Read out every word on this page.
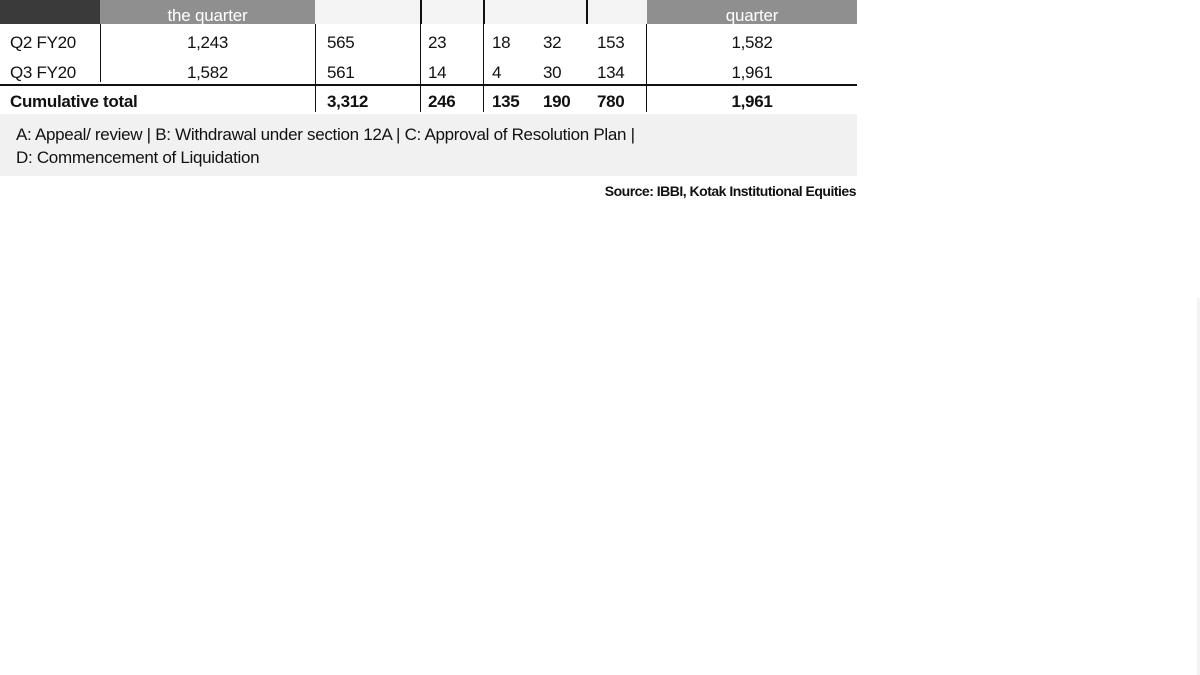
the quarter	quarter
Q2 FY20	1,243	565	23	18 32 153	1,582
Q3 FY20	1,582	561	14	4 30 134	1,961
Cumulative total	3,312	246 135 190 780	1,961
A: Appeal/ review | B: Withdrawal under section 12A | C: Approval of Resolution Plan |
D: Commencement of Liquidation
Source: IBBI, Kotak Institutional Equities
